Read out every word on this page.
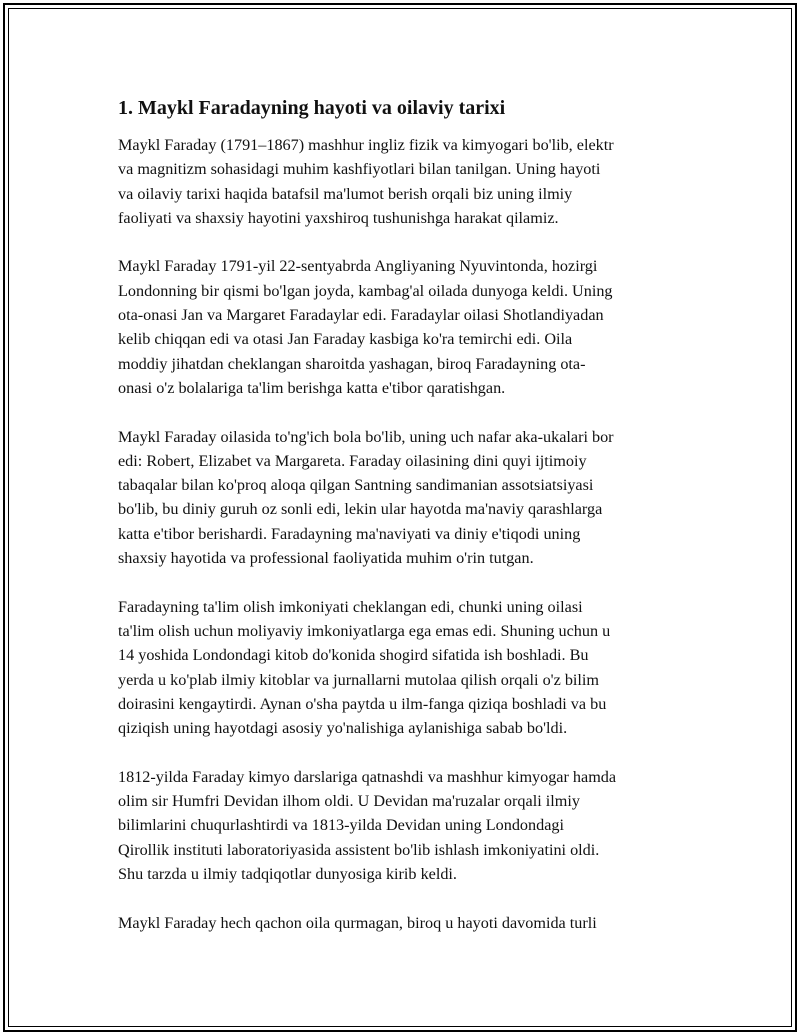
1. Maykl Faradayning hayoti va oilaviy tarixi
Maykl Faraday (1791–1867) mashhur ingliz fizik va kimyogari bo'lib, elektr
va magnitizm sohasidagi muhim kashfiyotlari bilan tanilgan. Uning hayoti
va oilaviy tarixi haqida batafsil ma'lumot berish orqali biz uning ilmiy
faoliyati va shaxsiy hayotini yaxshiroq tushunishga harakat qilamiz.
Maykl Faraday 1791-yil 22-sentyabrda Angliyaning Nyuvintonda, hozirgi
Londonning bir qismi bo'lgan joyda, kambag'al oilada dunyoga keldi. Uning
ota-onasi Jan va Margaret Faradaylar edi. Faradaylar oilasi Shotlandiyadan
kelib chiqqan edi va otasi Jan Faraday kasbiga ko'ra temirchi edi. Oila
moddiy jihatdan cheklangan sharoitda yashagan, biroq Faradayning ota-
onasi o'z bolalariga ta'lim berishga katta e'tibor qaratishgan.
Maykl Faraday oilasida to'ng'ich bola bo'lib, uning uch nafar aka-ukalari bor
edi: Robert, Elizabet va Margareta. Faraday oilasining dini quyi ijtimoiy
tabaqalar bilan ko'proq aloqa qilgan Santning sandimanian assotsiatsiyasi
bo'lib, bu diniy guruh oz sonli edi, lekin ular hayotda ma'naviy qarashlarga
katta e'tibor berishardi. Faradayning ma'naviyati va diniy e'tiqodi uning
shaxsiy hayotida va professional faoliyatida muhim o'rin tutgan.
Faradayning ta'lim olish imkoniyati cheklangan edi, chunki uning oilasi
ta'lim olish uchun moliyaviy imkoniyatlarga ega emas edi. Shuning uchun u
14 yoshida Londondagi kitob do'konida shogird sifatida ish boshladi. Bu
yerda u ko'plab ilmiy kitoblar va jurnallarni mutolaa qilish orqali o'z bilim
doirasini kengaytirdi. Aynan o'sha paytda u ilm-fanga qiziqa boshladi va bu
qiziqish uning hayotdagi asosiy yo'nalishiga aylanishiga sabab bo'ldi.
1812-yilda Faraday kimyo darslariga qatnashdi va mashhur kimyogar hamda
olim sir Humfri Devidan ilhom oldi. U Devidan ma'ruzalar orqali ilmiy
bilimlarini chuqurlashtirdi va 1813-yilda Devidan uning Londondagi
Qirollik instituti laboratoriyasida assistent bo'lib ishlash imkoniyatini oldi.
Shu tarzda u ilmiy tadqiqotlar dunyosiga kirib keldi.
Maykl Faraday hech qachon oila qurmagan, biroq u hayoti davomida turli
